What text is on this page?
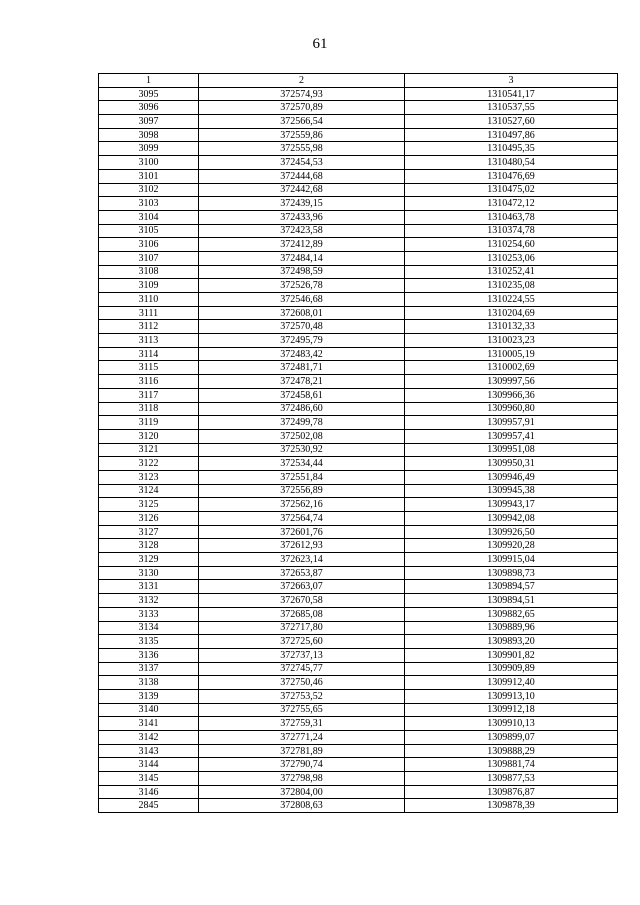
61
1	2	3
3095	372574,93	1310541,17
3096	372570,89	1310537,55
3097	372566,54	1310527,60
3098	372559,86	1310497,86
3099	372555,98	1310495,35
3100	372454,53	1310480,54
3101	372444,68	1310476,69
3102	372442,68	1310475,02
3103	372439,15	1310472,12
3104	372433,96	1310463,78
3105	372423,58	1310374,78
3106	372412,89	1310254,60
3107	372484,14	1310253,06
3108	372498,59	1310252,41
3109	372526,78	1310235,08
3110	372546,68	1310224,55
3111	372608,01	1310204,69
3112	372570,48	1310132,33
3113	372495,79	1310023,23
3114	372483,42	1310005,19
3115	372481,71	1310002,69
3116	372478,21	1309997,56
3117	372458,61	1309966,36
3118	372486,60	1309960,80
3119	372499,78	1309957,91
3120	372502,08	1309957,41
3121	372530,92	1309951,08
3122	372534,44	1309950,31
3123	372551,84	1309946,49
3124	372556,89	1309945,38
3125	372562,16	1309943,17
3126	372564,74	1309942,08
3127	372601,76	1309926,50
3128	372612,93	1309920,28
3129	372623,14	1309915,04
3130	372653,87	1309898,73
3131	372663,07	1309894,57
3132	372670,58	1309894,51
3133	372685,08	1309882,65
3134	372717,80	1309889,96
3135	372725,60	1309893,20
3136	372737,13	1309901,82
3137	372745,77	1309909,89
3138	372750,46	1309912,40
3139	372753,52	1309913,10
3140	372755,65	1309912,18
3141	372759,31	1309910,13
3142	372771,24	1309899,07
3143	372781,89	1309888,29
3144	372790,74	1309881,74
3145	372798,98	1309877,53
3146	372804,00	1309876,87
2845	372808,63	1309878,39
